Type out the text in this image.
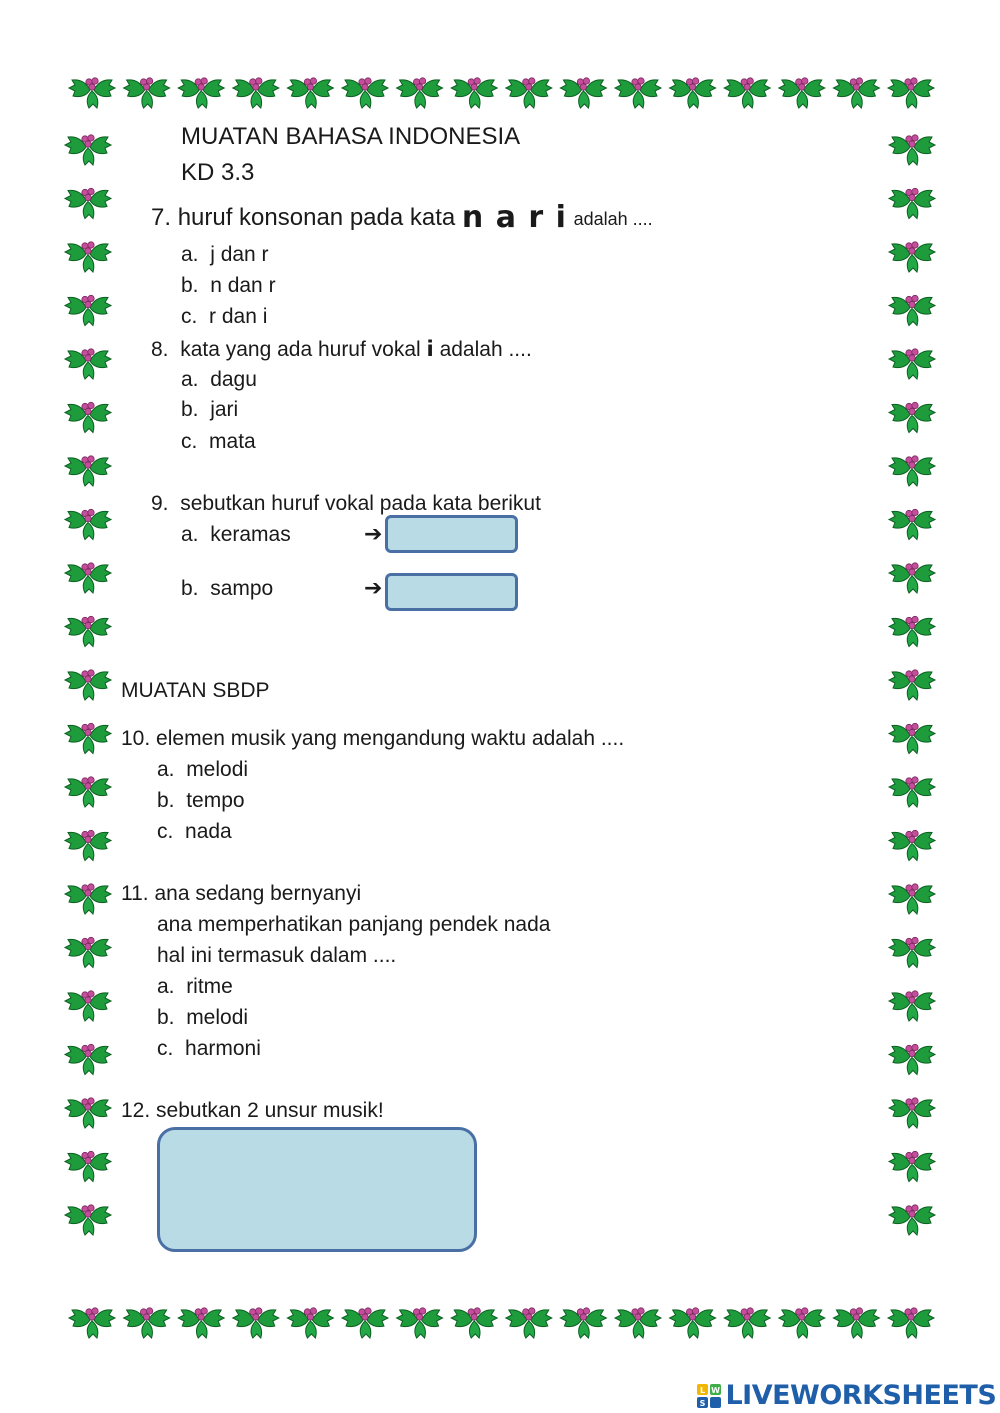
MUATAN BAHASA INDONESIA
KD 3.3
7. huruf konsonan pada kata n a r i adalah ....
a. j dan r
b. n dan r
c. r dan i
8. kata yang ada huruf vokal i adalah ....
a. dagu
b. jari
c. mata
9. sebutkan huruf vokal pada kata berikut
a. keramas	➔
b. sampo	➔
MUATAN SBDP
10. elemen musik yang mengandung waktu adalah ....
a. melodi
b. tempo
c. nada
11. ana sedang bernyanyi
ana memperhatikan panjang pendek nada
hal ini termasuk dalam ....
a. ritme
b. melodi
c. harmoni
12. sebutkan 2 unsur musik!
L W
S LIVEWORKSHEETS
